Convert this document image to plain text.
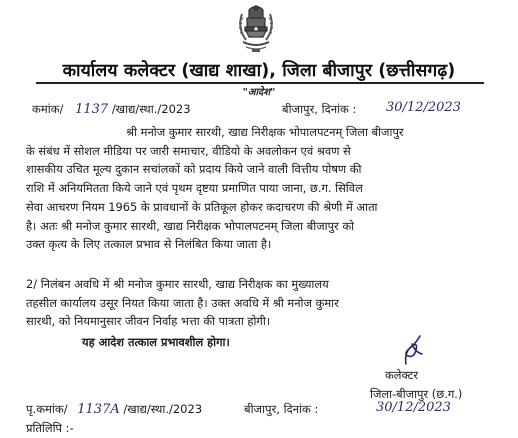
कार्यालय कलेक्टर (खाद्य शाखा), जिला बीजापुर (छत्तीसगढ़)
"आदेश"
कमांक/ 1137 /खाद्य/स्था./2023	बीजापुर, दिनांक : 30/12/2023
श्री मनोज कुमार सारथी, खाद्य निरीक्षक भोपालपटनम् जिला बीजापुर
के संबंध में सोशल मीडिया पर जारी समाचार, वीडियो के अवलोकन एवं श्रवण से
शासकीय उचित मूल्य दुकान सचांलकों को प्रदाय किये जाने वाली वित्तीय पोषण की
राशि में अनियमितता किये जाने एवं पृथम दृष्टया प्रमाणित पाया जाना, छ.ग. सिविल
सेवा आचरण नियम 1965 के प्रावधानों के प्रतिकूल होकर कदाचरण की श्रेणी में आता
है। अतः श्री मनोज कुमार सारथी, खाद्य निरीक्षक भोपालपटनम् जिला बीजापुर को
उक्त कृत्य के लिए तत्काल प्रभाव से निलंबित किया जाता है।
2/ निलंबन अवधि में श्री मनोज कुमार सारथी, खाद्य निरीक्षक का मुख्यालय
तहसील कार्यालय उसूर नियत किया जाता है। उक्त अवधि में श्री मनोज कुमार
सारथी, को नियमानुसार जीवन निर्वाह भत्ता की पात्रता होगी।
यह आदेश तत्काल प्रभावशील होगा।
कलेक्टर
जिला-बीजापुर (छ.ग.)
पृ.कमांक/ 1137A /खाद्य/स्था./2023	बीजापुर, दिनांक :	30/12/2023
प्रतिलिपि :-
